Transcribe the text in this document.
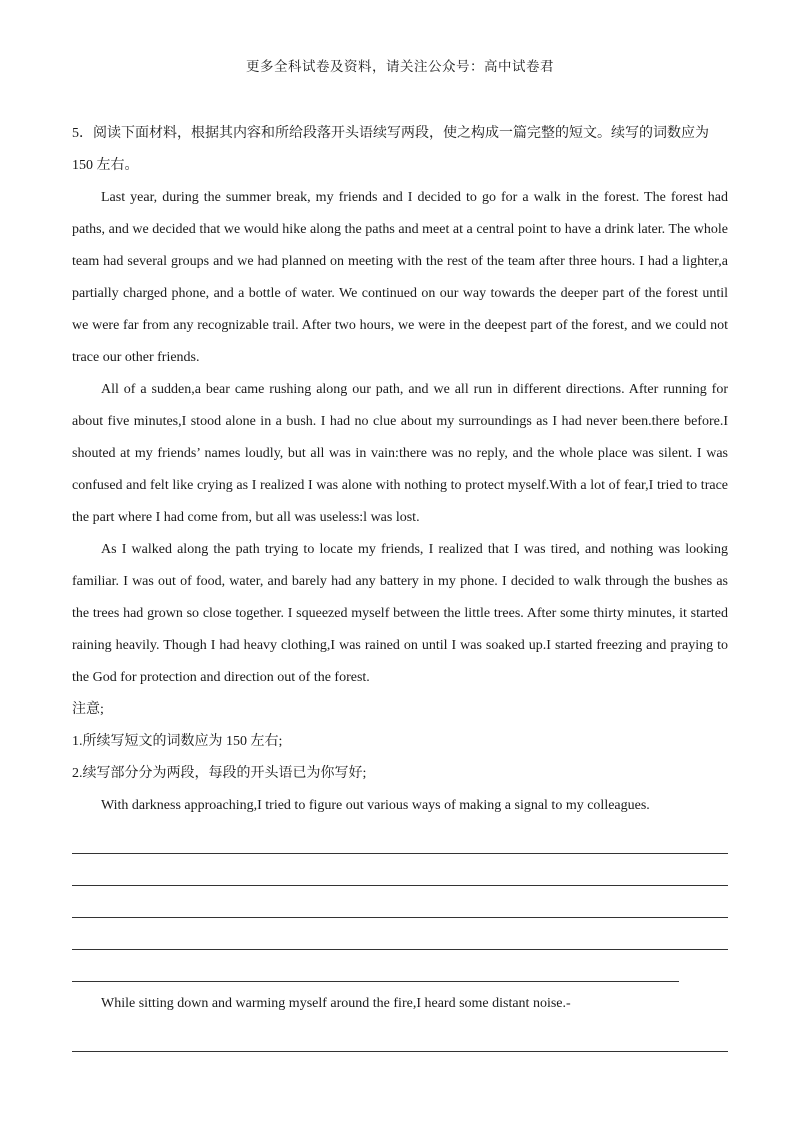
更多全科试卷及资料，请关注公众号：高中试卷君

5．阅读下面材料，根据其内容和所给段落开头语续写两段，使之构成一篇完整的短文。续写的词数应为

150 左右。

Last year, during the summer break, my friends and I decided to go for a walk in the forest. The forest had paths, and we decided that we would hike along the paths and meet at a central point to have a drink later. The whole team had several groups and we had planned on meeting with the rest of the team after three hours. I had a lighter,a partially charged phone, and a bottle of water. We continued on our way towards the deeper part of the forest until we were far from any recognizable trail. After two hours, we were in the deepest part of the forest, and we could not trace our other friends.

All of a sudden,a bear came rushing along our path, and we all run in different directions. After running for about five minutes,I stood alone in a bush. I had no clue about my surroundings as I had never been.there before.I shouted at my friends’ names loudly, but all was in vain:there was no reply, and the whole place was silent. I was confused and felt like crying as I realized I was alone with nothing to protect myself.With a lot of fear,I tried to trace the part where I had come from, but all was useless:l was lost.

As I walked along the path trying to locate my friends, I realized that I was tired, and nothing was looking familiar. I was out of food, water, and barely had any battery in my phone. I decided to walk through the bushes as the trees had grown so close together. I squeezed myself between the little trees. After some thirty minutes, it started raining heavily. Though I had heavy clothing,I was rained on until I was soaked up.I started freezing and praying to the God for protection and direction out of the forest.

注意;

1.所续写短文的词数应为 150 左右;

2.续写部分分为两段，每段的开头语已为你写好;

With darkness approaching,I tried to figure out various ways of making a signal to my colleagues.

While sitting down and warming myself around the fire,I heard some distant noise.-
